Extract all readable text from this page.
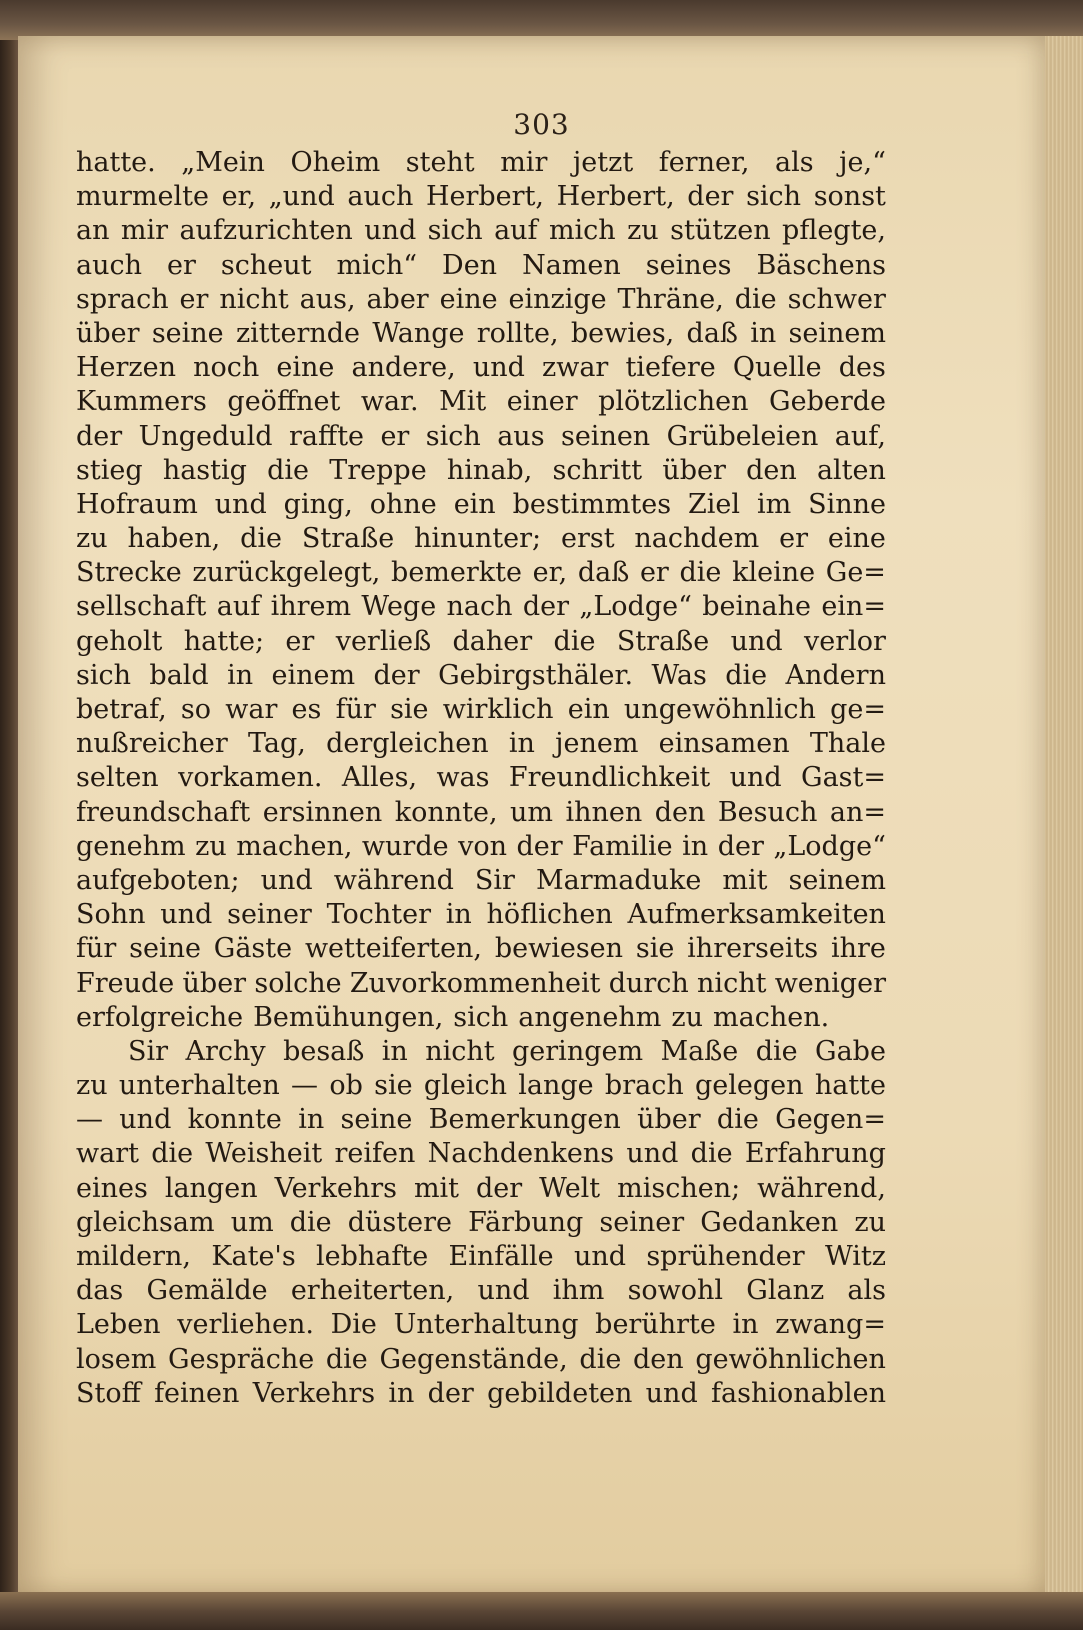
303
hatte. „Mein Oheim steht mir jetzt ferner, als je,“
murmelte er, „und auch Herbert, Herbert, der sich sonst
an mir aufzurichten und sich auf mich zu stützen pflegte,
auch er scheut mich“ Den Namen seines Bäschens
sprach er nicht aus, aber eine einzige Thräne, die schwer
über seine zitternde Wange rollte, bewies, daß in seinem
Herzen noch eine andere, und zwar tiefere Quelle des
Kummers geöffnet war. Mit einer plötzlichen Geberde
der Ungeduld raffte er sich aus seinen Grübeleien auf,
stieg hastig die Treppe hinab, schritt über den alten
Hofraum und ging, ohne ein bestimmtes Ziel im Sinne
zu haben, die Straße hinunter; erst nachdem er eine
Strecke zurückgelegt, bemerkte er, daß er die kleine Ge=
sellschaft auf ihrem Wege nach der „Lodge“ beinahe ein=
geholt hatte; er verließ daher die Straße und verlor
sich bald in einem der Gebirgsthäler. Was die Andern
betraf, so war es für sie wirklich ein ungewöhnlich ge=
nußreicher Tag, dergleichen in jenem einsamen Thale
selten vorkamen. Alles, was Freundlichkeit und Gast=
freundschaft ersinnen konnte, um ihnen den Besuch an=
genehm zu machen, wurde von der Familie in der „Lodge“
aufgeboten; und während Sir Marmaduke mit seinem
Sohn und seiner Tochter in höflichen Aufmerksamkeiten
für seine Gäste wetteiferten, bewiesen sie ihrerseits ihre
Freude über solche Zuvorkommenheit durch nicht weniger
erfolgreiche Bemühungen, sich angenehm zu machen.
Sir Archy besaß in nicht geringem Maße die Gabe
zu unterhalten — ob sie gleich lange brach gelegen hatte
— und konnte in seine Bemerkungen über die Gegen=
wart die Weisheit reifen Nachdenkens und die Erfahrung
eines langen Verkehrs mit der Welt mischen; während,
gleichsam um die düstere Färbung seiner Gedanken zu
mildern, Kate's lebhafte Einfälle und sprühender Witz
das Gemälde erheiterten, und ihm sowohl Glanz als
Leben verliehen. Die Unterhaltung berührte in zwang=
losem Gespräche die Gegenstände, die den gewöhnlichen
Stoff feinen Verkehrs in der gebildeten und fashionablen
